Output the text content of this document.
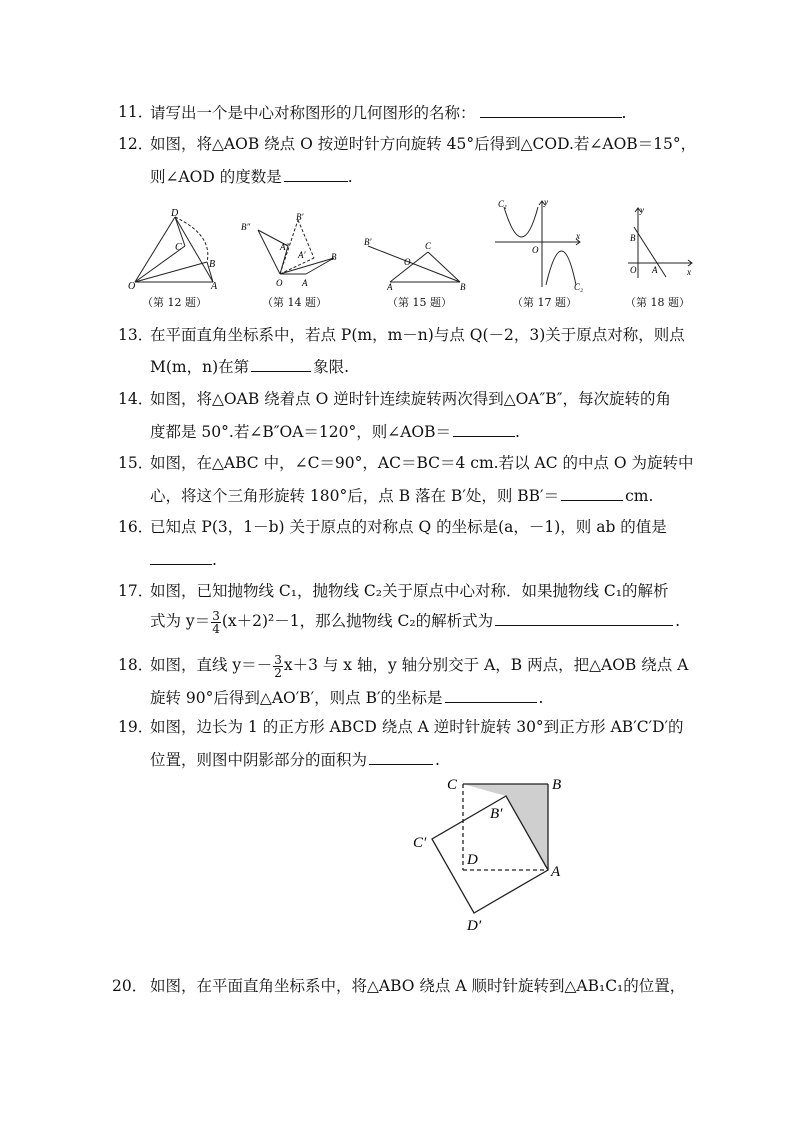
11．
请写出一个是中心对称图形的几何图形的名称：	.
12．
如图，将△AOB 绕点 O 按逆时针方向旋转 45°后得到△COD.若∠AOB＝15°，
则∠AOD 的度数是	.
D
C
B
O	A
（第 12 题）
B″
B′
A″
A′
O A
B
（第 14 题）
B′	C
O
A	B
（第 15 题）
C₁	y
x
O
C₂
（第 17 题）
y
x
B
O A
（第 18 题）
13．
在平面直角坐标系中，若点 P(m，m－n)与点 Q(－2，3)关于原点对称，则点
M(m，n)在第	象限.
14．
如图，将△OAB 绕着点 O 逆时针连续旋转两次得到△OA″B″，每次旋转的角
度都是 50°.若∠B″OA＝120°，则∠AOB＝	.
15．
如图，在△ABC 中，∠C＝90°，AC＝BC＝4 cm.若以 AC 的中点 O 为旋转中
心，将这个三角形旋转 180°后，点 B 落在 B′处，则 BB′＝	cm.
16．
已知点 P(3，1－b) 关于原点的对称点 Q 的坐标是(a，－1)，则 ab 的值是
.
17．
如图，已知抛物线 C₁，抛物线 C₂关于原点中心对称．如果抛物线 C₁的解析
式为 $y= \frac{3}{4} (x+2)^2-1$，那么抛物线 C₂的解析式为	.
18．
如图，直线 $y=- \frac{3}{2} x+3$ 与 x 轴，y 轴分别交于 A，B 两点，把△AOB 绕点 A
旋转 90°后得到△AO′B′，则点 B′的坐标是	.
19．
如图，边长为 1 的正方形 ABCD 绕点 A 逆时针旋转 30°到正方形 AB′C′D′的
位置，则图中阴影部分的面积为	.
C	B
B′
C′
D
A
D′
20． 如图，在平面直角坐标系中，将△ABO 绕点 A 顺时针旋转到△AB₁C₁的位置，
